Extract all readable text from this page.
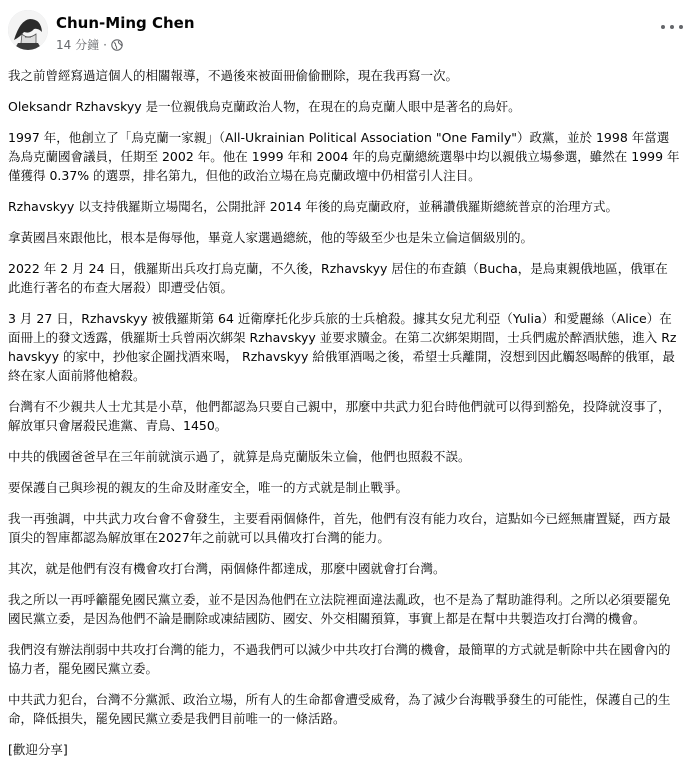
Chun-Ming Chen
14 分鐘 ·

我之前曾經寫過這個人的相關報導，不過後來被面冊偷偷刪除，現在我再寫一次。

Oleksandr Rzhavskyy 是一位親俄烏克蘭政治人物，在現在的烏克蘭人眼中是著名的烏奸。

1997 年，他創立了「烏克蘭一家親」（All-Ukrainian Political Association "One Family"）政黨，並於 1998 年當選為烏克蘭國會議員，任期至 2002 年。他在 1999 年和 2004 年的烏克蘭總統選舉中均以親俄立場參選，雖然在 1999 年僅獲得 0.37% 的選票，排名第九，但他的政治立場在烏克蘭政壇中仍相當引人注目。

Rzhavskyy 以支持俄羅斯立場聞名，公開批評 2014 年後的烏克蘭政府，並稱讚俄羅斯總統普京的治理方式。

拿黃國昌來跟他比，根本是侮辱他，畢竟人家選過總統，他的等級至少也是朱立倫這個級別的。

2022 年 2 月 24 日，俄羅斯出兵攻打烏克蘭，不久後，Rzhavskyy 居住的布查鎮（Bucha，是烏東親俄地區，俄軍在此進行著名的布查大屠殺）即遭受佔領。

3 月 27 日，Rzhavskyy 被俄羅斯第 64 近衛摩托化步兵旅的士兵槍殺。據其女兒尤利亞（Yulia）和愛麗絲（Alice）在面冊上的發文透露，俄羅斯士兵曾兩次綁架 Rzhavskyy 並要求贖金。在第二次綁架期間，士兵們處於醉酒狀態，進入 Rzhavskyy 的家中，抄他家企圖找酒來喝， Rzhavskyy 給俄軍酒喝之後，希望士兵離開，沒想到因此觸怒喝醉的俄軍，最終在家人面前將他槍殺。

台灣有不少親共人士尤其是小草，他們都認為只要自己親中，那麼中共武力犯台時他們就可以得到豁免，投降就沒事了，解放軍只會屠殺民進黨、青鳥、1450。

中共的俄國爸爸早在三年前就演示過了，就算是烏克蘭版朱立倫，他們也照殺不誤。

要保護自己與珍視的親友的生命及財產安全，唯一的方式就是制止戰爭。

我一再強調，中共武力攻台會不會發生，主要看兩個條件，首先，他們有沒有能力攻台，這點如今已經無庸置疑，西方最頂尖的智庫都認為解放軍在2027年之前就可以具備攻打台灣的能力。

其次，就是他們有沒有機會攻打台灣，兩個條件都達成，那麼中國就會打台灣。

我之所以一再呼籲罷免國民黨立委，並不是因為他們在立法院裡面違法亂政，也不是為了幫助誰得利。之所以必須要罷免國民黨立委，是因為他們不論是刪除或凍結國防、國安、外交相關預算，事實上都是在幫中共製造攻打台灣的機會。

我們沒有辦法削弱中共攻打台灣的能力，不過我們可以減少中共攻打台灣的機會，最簡單的方式就是斬除中共在國會內的協力者，罷免國民黨立委。

中共武力犯台，台灣不分黨派、政治立場，所有人的生命都會遭受威脅，為了減少台海戰爭發生的可能性，保護自己的生命，降低損失，罷免國民黨立委是我們目前唯一的一條活路。

[歡迎分享]
